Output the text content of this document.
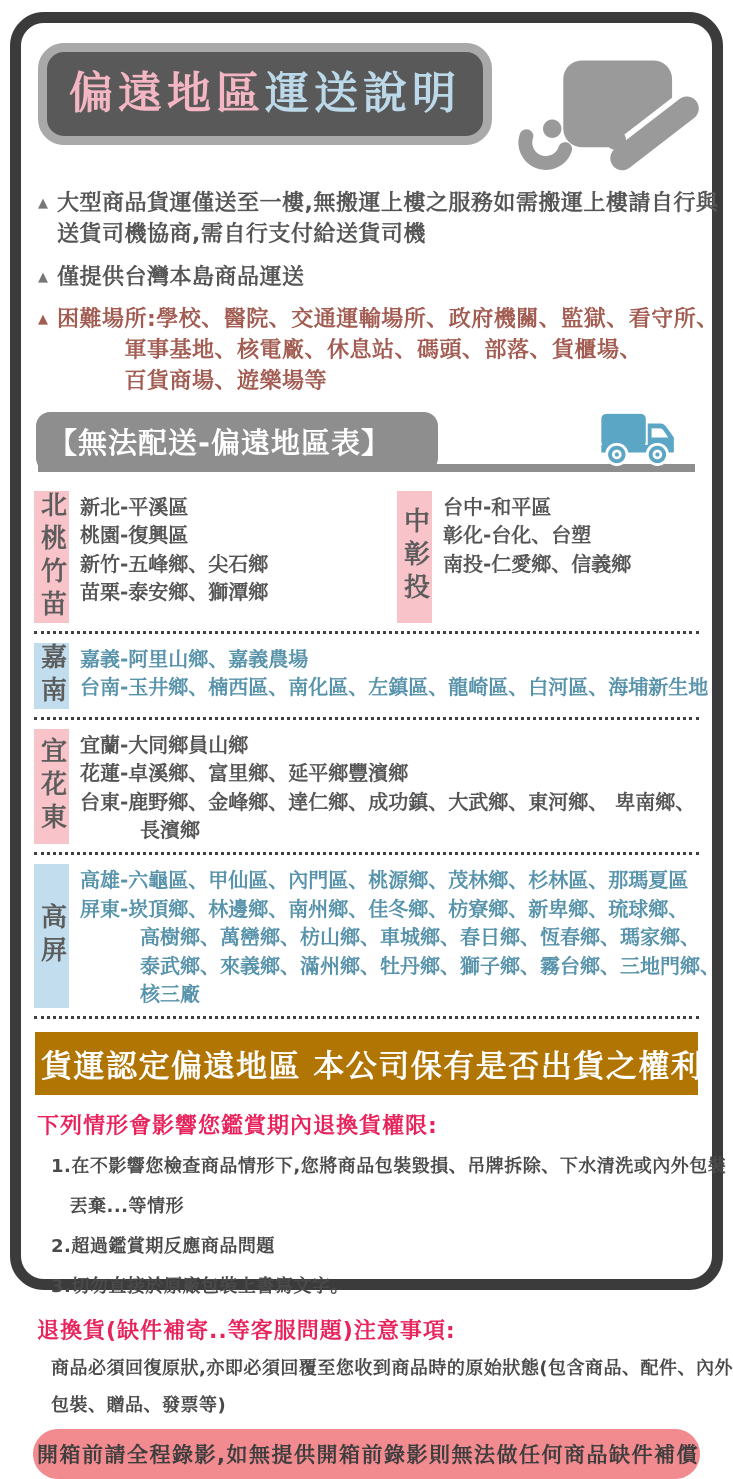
偏遠地區運送說明
▲ 大型商品貨運僅送至一樓,無搬運上樓之服務如需搬運上樓請自行與
送貨司機協商,需自行支付給送貨司機
▲ 僅提供台灣本島商品運送
▲ 困難場所:學校、醫院、交通運輸場所、政府機關、監獄、看守所、
　　　軍事基地、核電廠、休息站、碼頭、部落、貨櫃場、
　　　百貨商場、遊樂場等
【無法配送-偏遠地區表】
北桃竹苗 新北-平溪區
桃園-復興區
新竹-五峰鄉、尖石鄉
苗栗-泰安鄉、獅潭鄉	中彰投
台中-和平區
彰化-台化、台塑
南投-仁愛鄉、信義鄉
嘉南 嘉義-阿里山鄉、嘉義農場
台南-玉井鄉、楠西區、南化區、左鎮區、龍崎區、白河區、海埔新生地
宜花東 宜蘭-大同鄉員山鄉
花蓮-卓溪鄉、富里鄉、延平鄉豐濱鄉
台東-鹿野鄉、金峰鄉、達仁鄉、成功鎮、大武鄉、東河鄉、 卑南鄉、
　　　長濱鄉
高屏
高雄-六龜區、甲仙區、內門區、桃源鄉、茂林鄉、杉林區、那瑪夏區
屏東-崁頂鄉、林邊鄉、南州鄉、佳冬鄉、枋寮鄉、新卑鄉、琉球鄉、
　　　高樹鄉、萬巒鄉、枋山鄉、車城鄉、春日鄉、恆春鄉、瑪家鄉、
　　　泰武鄉、來義鄉、滿州鄉、牡丹鄉、獅子鄉、霧台鄉、三地門鄉、
　　　核三廠
貨運認定偏遠地區 本公司保有是否出貨之權利
下列情形會影響您鑑賞期內退換貨權限:
1.在不影響您檢查商品情形下,您將商品包裝毀損、吊牌拆除、下水清洗或內外包裝
　丟棄...等情形
2.超過鑑賞期反應商品問題
3.切勿直接於原廠包裝上書寫文字。
退換貨(缺件補寄..等客服問題)注意事項:
商品必須回復原狀,亦即必須回覆至您收到商品時的原始狀態(包含商品、配件、內外
包裝、贈品、發票等)
開箱前請全程錄影,如無提供開箱前錄影則無法做任何商品缺件補償
